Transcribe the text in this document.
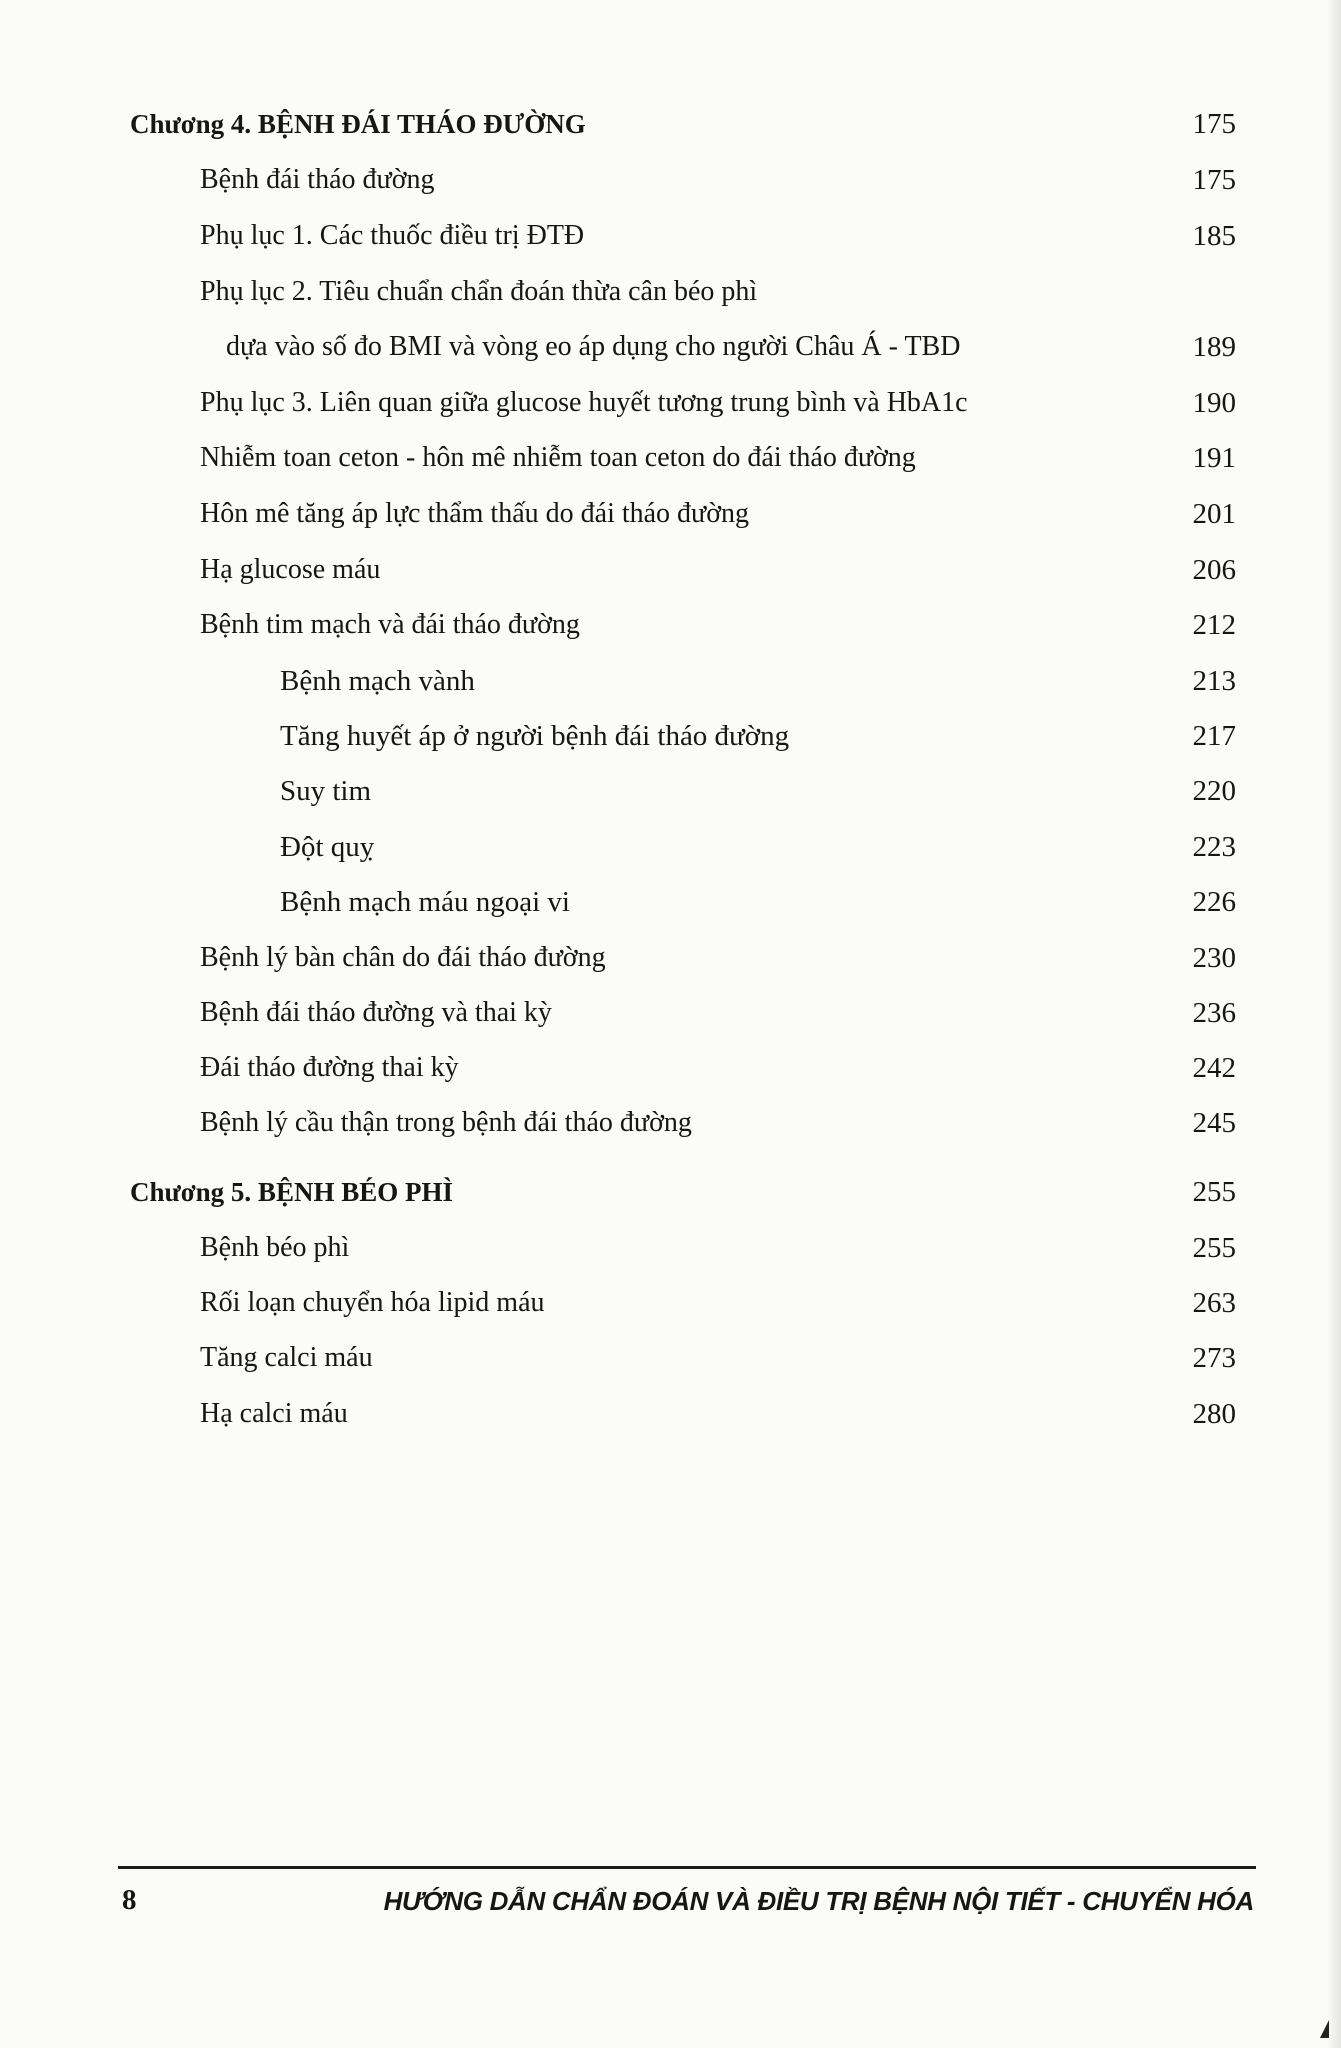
Chương 4. BỆNH ĐÁI THÁO ĐƯỜNG	175
Bệnh đái tháo đường	175
Phụ lục 1. Các thuốc điều trị ĐTĐ	185
Phụ lục 2. Tiêu chuẩn chẩn đoán thừa cân béo phì
dựa vào số đo BMI và vòng eo áp dụng cho người Châu Á - TBD	189
Phụ lục 3. Liên quan giữa glucose huyết tương trung bình và HbA1c	190
Nhiễm toan ceton - hôn mê nhiễm toan ceton do đái tháo đường	191
Hôn mê tăng áp lực thẩm thấu do đái tháo đường	201
Hạ glucose máu	206
Bệnh tim mạch và đái tháo đường	212
Bệnh mạch vành	213
Tăng huyết áp ở người bệnh đái tháo đường	217
Suy tim	220
Đột quỵ	223
Bệnh mạch máu ngoại vi	226
Bệnh lý bàn chân do đái tháo đường	230
Bệnh đái tháo đường và thai kỳ	236
Đái tháo đường thai kỳ	242
Bệnh lý cầu thận trong bệnh đái tháo đường	245
Chương 5. BỆNH BÉO PHÌ	255
Bệnh béo phì	255
Rối loạn chuyển hóa lipid máu	263
Tăng calci máu	273
Hạ calci máu	280
8	HƯỚNG DẪN CHẨN ĐOÁN VÀ ĐIỀU TRỊ BỆNH NỘI TIẾT - CHUYỂN HÓA
